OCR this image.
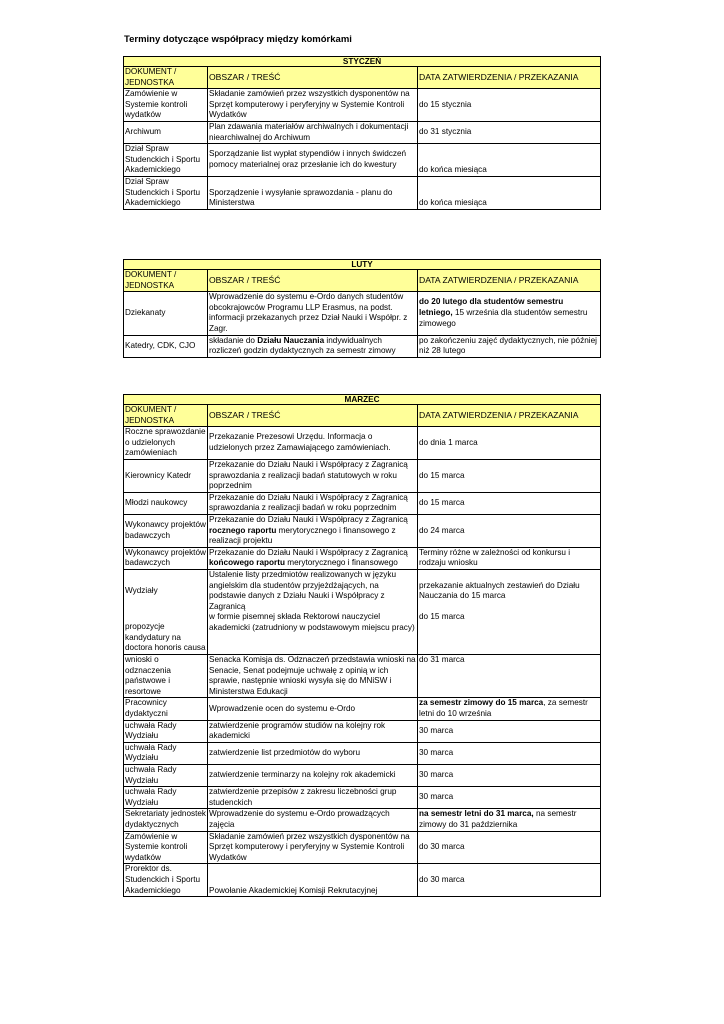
Terminy dotyczące współpracy między komórkami
STYCZEŃ		
DOKUMENT / JEDNOSTKA	OBSZAR / TREŚĆ	DATA ZATWIERDZENIA / PRZEKAZANIA
Zamówienie w Systemie kontroli wydatków	Składanie zamówień przez wszystkich dysponentów na Sprzęt komputerowy i peryferyjny w Systemie Kontroli Wydatków	do 15 stycznia
Archiwum	Plan zdawania materiałów archiwalnych i dokumentacji niearchiwalnej do Archiwum	do 31 stycznia
Dział Spraw Studenckich i Sportu Akademickiego	Sporządzanie list wypłat stypendiów i innych świdczeń pomocy materialnej oraz przesłanie ich do kwestury	do końca miesiąca
Dział Spraw Studenckich i Sportu Akademickiego	Sporządzenie i wysyłanie sprawozdania - planu do Ministerstwa	do końca miesiąca
LUTY		
DOKUMENT / JEDNOSTKA	OBSZAR / TREŚĆ	DATA ZATWIERDZENIA / PRZEKAZANIA
Dziekanaty	Wprowadzenie do systemu e-Ordo danych studentów obcokrajowców Programu LLP Erasmus, na podst. informacji przekazanych przez Dział Nauki i Współpr. z Zagr.	do 20 lutego dla studentów semestru letniego, 15 września dla studentów semestru zimowego
Katedry, CDK, CJO	składanie do Działu Nauczania indywidualnych rozliczeń godzin dydaktycznych za semestr zimowy	po zakończeniu zajęć dydaktycznych, nie później niż 28 lutego
MARZEC		
DOKUMENT / JEDNOSTKA	OBSZAR / TREŚĆ	DATA ZATWIERDZENIA / PRZEKAZANIA
Roczne sprawozdanie o udzielonych zamówieniach	Przekazanie Prezesowi Urzędu. Informacja o udzielonych przez Zamawiającego zamówieniach.	do dnia 1 marca
Kierownicy Katedr	Przekazanie do Działu Nauki i Współpracy z Zagranicą sprawozdania z realizacji badań statutowych w roku poprzednim	do 15 marca
Młodzi naukowcy	Przekazanie do Działu Nauki i Współpracy z Zagranicą sprawozdania z realizacji badań w roku poprzednim	do 15 marca
Wykonawcy projektów badawczych	Przekazanie do Działu Nauki i Współpracy z Zagranicą rocznego raportu merytorycznego i finansowego z realizacji projektu	do 24 marca
Wykonawcy projektów badawczych	Przekazanie do Działu Nauki i Współpracy z Zagranicą końcowego raportu merytorycznego i finansowego	Terminy różne w zależności od konkursu i rodzaju wniosku
Wydziały	Ustalenie listy przedmiotów realizowanych w języku angielskim dla studentów przyjeżdżających, na podstawie danych z Działu Nauki i Współpracy z Zagranicą	przekazanie aktualnych zestawień do Działu Nauczania do 15 marca
propozycje kandydatury na doctora honoris causa	w formie pisemnej składa Rektorowi nauczyciel akademicki (zatrudniony w podstawowym miejscu pracy)	do 15 marca
wnioski o odznaczenia państwowe i resortowe	Senacka Komisja ds. Odznaczeń przedstawia wnioski na Senacie, Senat podejmuje uchwałę z opinią w ich sprawie, następnie wnioski wysyła się do MNiSW i Ministerstwa Edukacji	do 31 marca
Pracownicy dydaktyczni	Wprowadzenie ocen do systemu e-Ordo	za semestr zimowy do 15 marca, za semestr letni do 10 września
uchwała Rady Wydziału	zatwierdzenie programów studiów na kolejny rok akademicki	30 marca
uchwała Rady Wydziału	zatwierdzenie list przedmiotów do wyboru	30 marca
uchwała Rady Wydziału	zatwierdzenie terminarzy na kolejny rok akademicki	30 marca
uchwała Rady Wydziału	zatwierdzenie przepisów z zakresu liczebności grup studenckich	30 marca
Sekretariaty jednostek dydaktycznych	Wprowadzenie do systemu e-Ordo prowadzących zajęcia	na semestr letni do 31 marca, na semestr zimowy do 31 października
Zamówienie w Systemie kontroli wydatków	Składanie zamówień przez wszystkich dysponentów na Sprzęt komputerowy i peryferyjny w Systemie Kontroli Wydatków	do 30 marca
Prorektor ds. Studenckich i Sportu Akademickiego	Powołanie Akademickiej Komisji Rekrutacyjnej	do 30 marca
